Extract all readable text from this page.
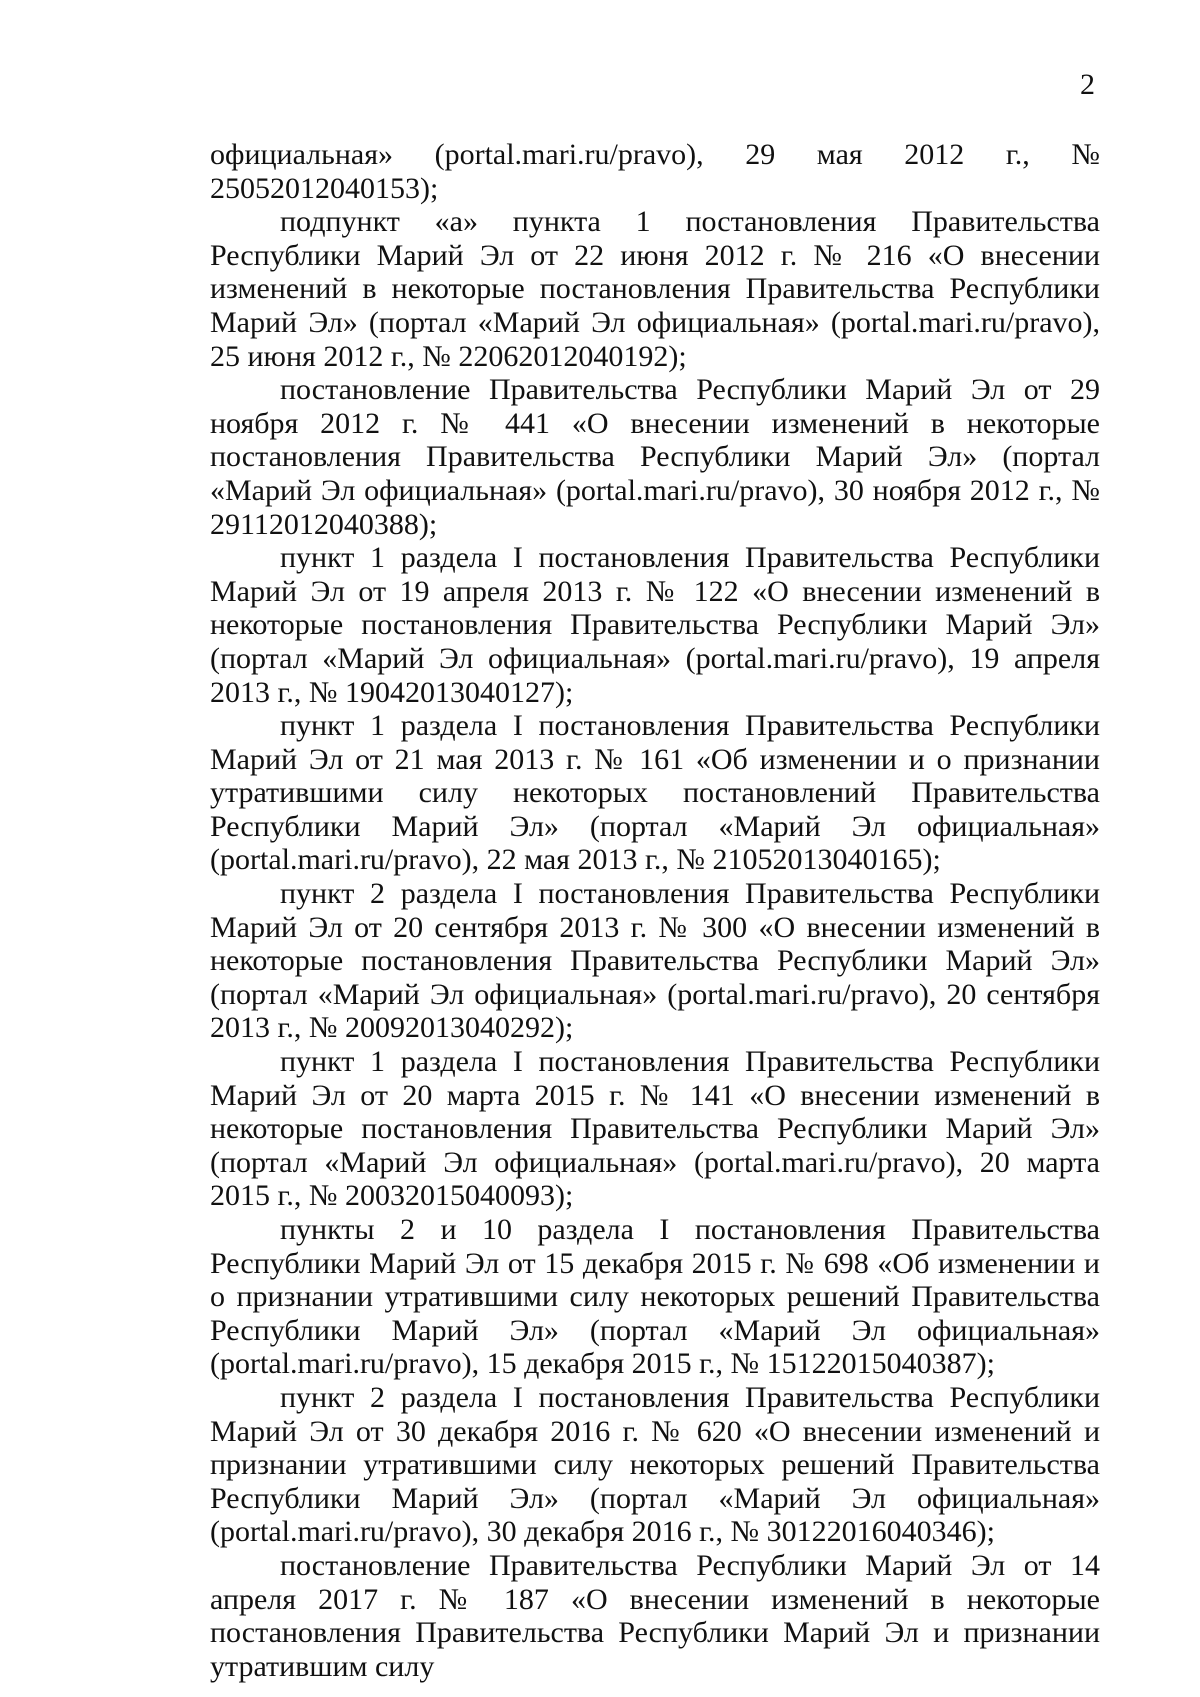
2

официальная» (portal.mari.ru/pravo), 29 мая 2012 г., № 25052012040153);

подпункт «а» пункта 1 постановления Правительства Республики Марий Эл от 22 июня 2012 г. № 216 «О внесении изменений в некоторые постановления Правительства Республики Марий Эл» (портал «Марий Эл официальная» (portal.mari.ru/pravo), 25 июня 2012 г., № 22062012040192);

постановление Правительства Республики Марий Эл от 29 ноября 2012 г. № 441 «О внесении изменений в некоторые постановления Правительства Республики Марий Эл» (портал «Марий Эл официальная» (portal.mari.ru/pravo), 30 ноября 2012 г., № 29112012040388);

пункт 1 раздела I постановления Правительства Республики Марий Эл от 19 апреля 2013 г. № 122 «О внесении изменений в некоторые постановления Правительства Республики Марий Эл» (портал «Марий Эл официальная» (portal.mari.ru/pravo), 19 апреля 2013 г., № 19042013040127);

пункт 1 раздела I постановления Правительства Республики Марий Эл от 21 мая 2013 г. № 161 «Об изменении и о признании утратившими силу некоторых постановлений Правительства Республики Марий Эл» (портал «Марий Эл официальная» (portal.mari.ru/pravo), 22 мая 2013 г., № 21052013040165);

пункт 2 раздела I постановления Правительства Республики Марий Эл от 20 сентября 2013 г. № 300 «О внесении изменений в некоторые постановления Правительства Республики Марий Эл» (портал «Марий Эл официальная» (portal.mari.ru/pravo), 20 сентября 2013 г., № 20092013040292);

пункт 1 раздела I постановления Правительства Республики Марий Эл от 20 марта 2015 г. № 141 «О внесении изменений в некоторые постановления Правительства Республики Марий Эл» (портал «Марий Эл официальная» (portal.mari.ru/pravo), 20 марта 2015 г., № 20032015040093);

пункты 2 и 10 раздела I постановления Правительства Республики Марий Эл от 15 декабря 2015 г. № 698 «Об изменении и о признании утратившими силу некоторых решений Правительства Республики Марий Эл» (портал «Марий Эл официальная» (portal.mari.ru/pravo), 15 декабря 2015 г., № 15122015040387);

пункт 2 раздела I постановления Правительства Республики Марий Эл от 30 декабря 2016 г. № 620 «О внесении изменений и признании утратившими силу некоторых решений Правительства Республики Марий Эл» (портал «Марий Эл официальная» (portal.mari.ru/pravo), 30 декабря 2016 г., № 30122016040346);

постановление Правительства Республики Марий Эл от 14 апреля 2017 г. № 187 «О внесении изменений в некоторые постановления Правительства Республики Марий Эл и признании утратившим силу
